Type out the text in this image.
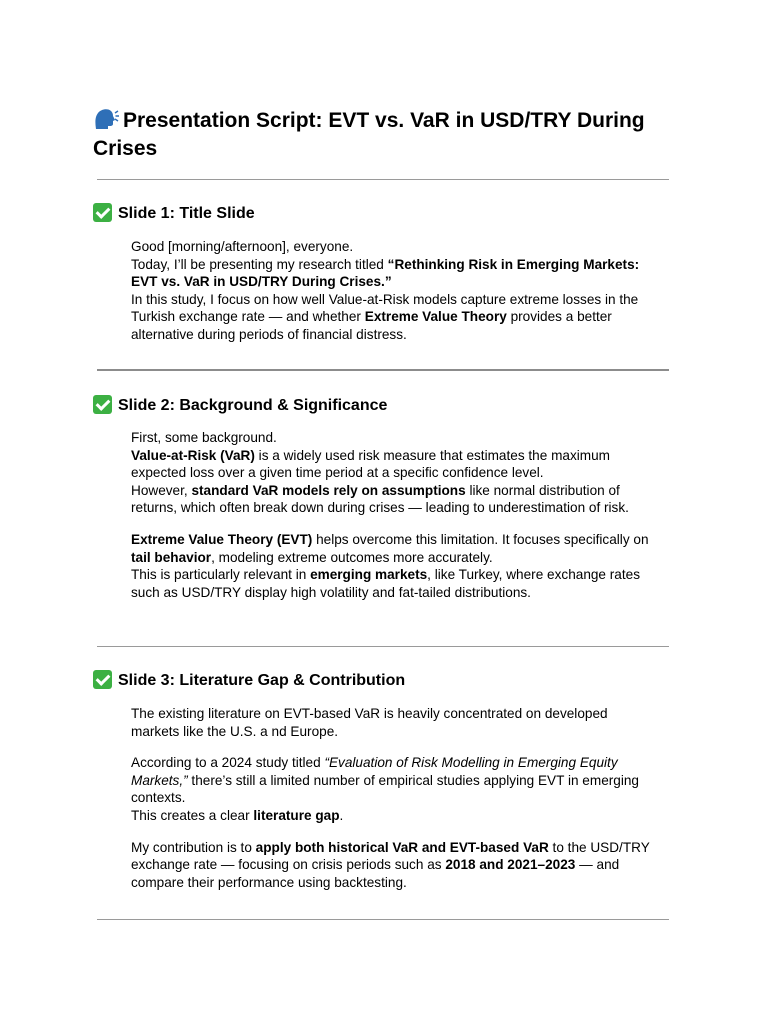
Presentation Script: EVT vs. VaR in USD/TRY During Crises
Slide 1: Title Slide

Good [morning/afternoon], everyone.
Today, I’ll be presenting my research titled “Rethinking Risk in Emerging Markets: EVT vs. VaR in USD/TRY During Crises.”
In this study, I focus on how well Value-at-Risk models capture extreme losses in the Turkish exchange rate — and whether Extreme Value Theory provides a better alternative during periods of financial distress.

Slide 2: Background & Significance

First, some background.
Value-at-Risk (VaR) is a widely used risk measure that estimates the maximum expected loss over a given time period at a specific confidence level.
However, standard VaR models rely on assumptions like normal distribution of returns, which often break down during crises — leading to underestimation of risk.

Extreme Value Theory (EVT) helps overcome this limitation. It focuses specifically on tail behavior, modeling extreme outcomes more accurately.
This is particularly relevant in emerging markets, like Turkey, where exchange rates such as USD/TRY display high volatility and fat-tailed distributions.

Slide 3: Literature Gap & Contribution

The existing literature on EVT-based VaR is heavily concentrated on developed markets like the U.S. a nd Europe.

According to a 2024 study titled “Evaluation of Risk Modelling in Emerging Equity Markets,” there’s still a limited number of empirical studies applying EVT in emerging contexts.
This creates a clear literature gap.

My contribution is to apply both historical VaR and EVT-based VaR to the USD/TRY exchange rate — focusing on crisis periods such as 2018 and 2021–2023 — and compare their performance using backtesting.
